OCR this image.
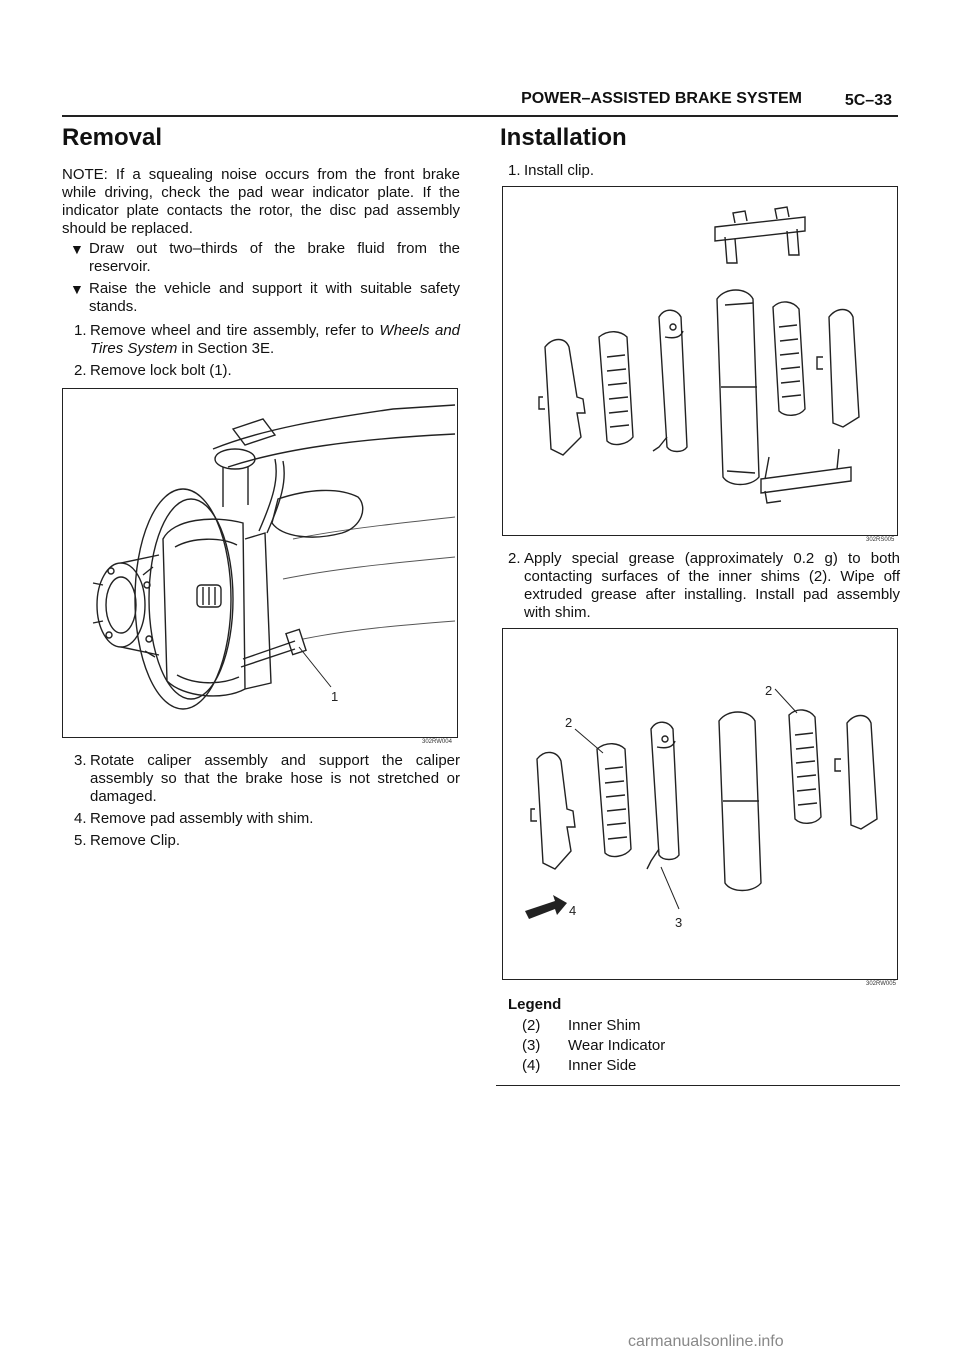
POWER–ASSISTED BRAKE SYSTEM	5C–33
Removal

NOTE: If a squealing noise occurs from the front brake while driving, check the pad wear indicator plate. If the indicator plate contacts the rotor, the disc pad assembly should be replaced.

▼ Draw out two–thirds of the brake fluid from the reservoir.

▼ Raise the vehicle and support it with suitable safety stands.

1. Remove wheel and tire assembly, refer to Wheels and Tires System in Section 3E.

2. Remove lock bolt (1).

1
302RW004
3. Rotate caliper assembly and support the caliper assembly so that the brake hose is not stretched or damaged.

4. Remove pad assembly with shim.

5. Remove Clip.

Installation
1. Install clip.

302RS005
2. Apply special grease (approximately 0.2 g) to both contacting surfaces of the inner shims (2). Wipe off extruded grease after installing. Install pad assembly with shim.

2
2
3
4
302RW005
Legend
(2) Inner Shim
(3) Wear Indicator
(4) Inner Side
carmanualsonline.info
